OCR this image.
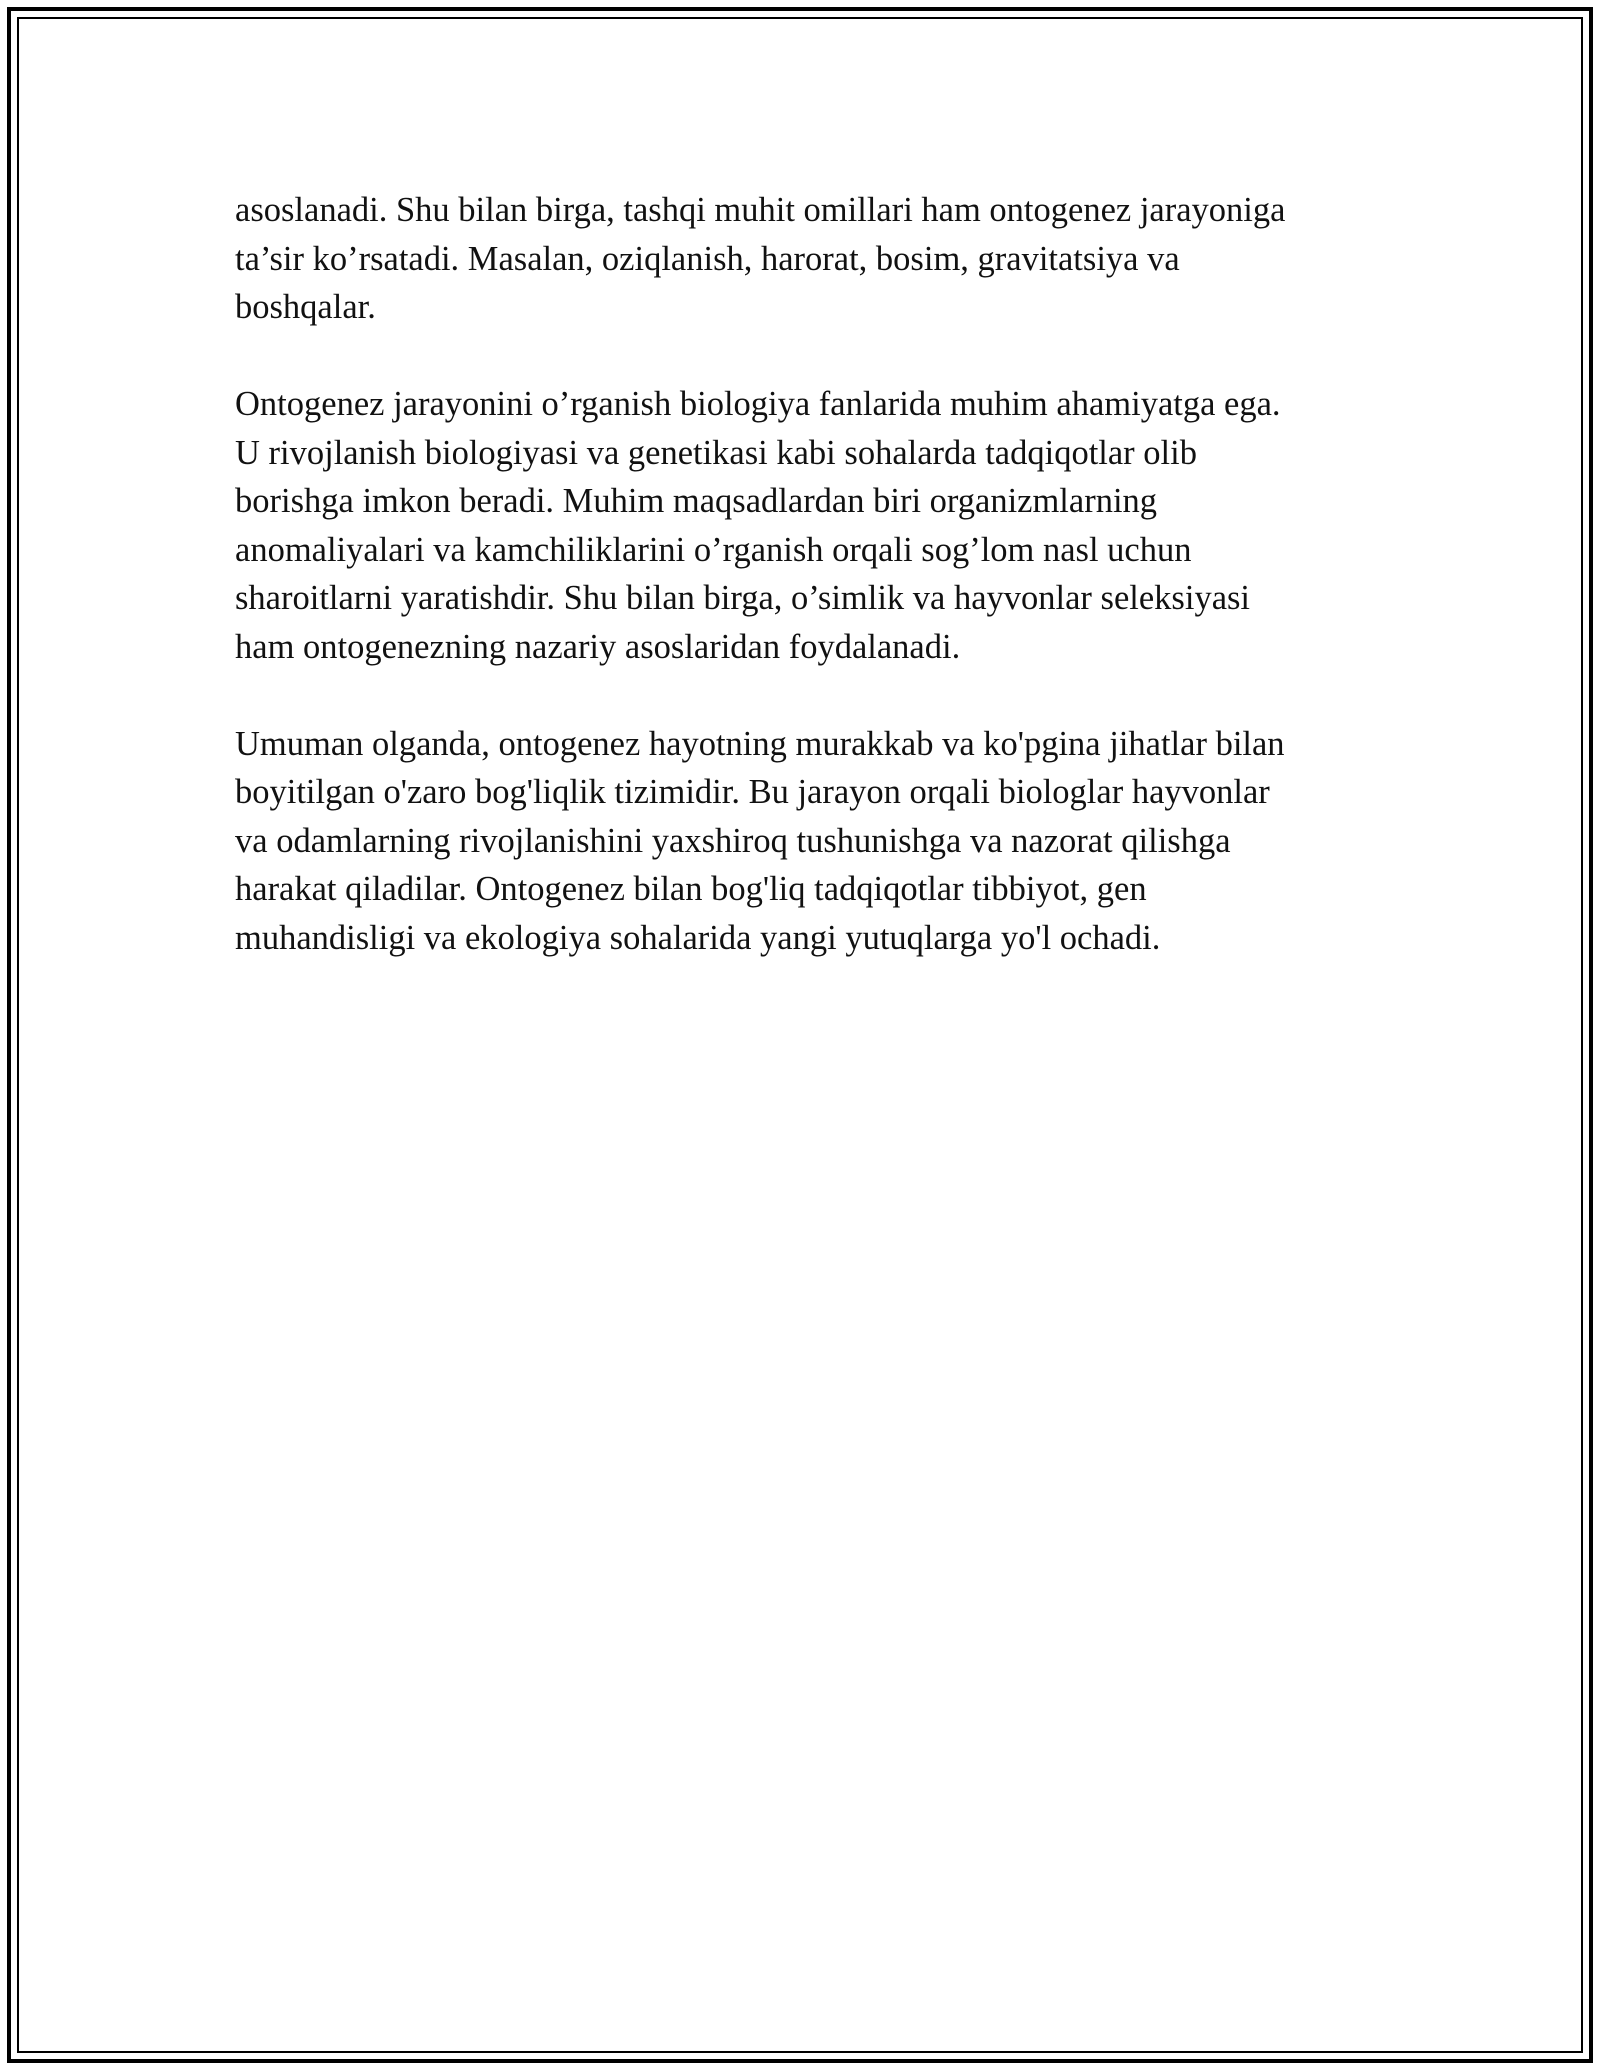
asoslanadi. Shu bilan birga, tashqi muhit omillari ham ontogenez jarayoniga
ta’sir ko’rsatadi. Masalan, oziqlanish, harorat, bosim, gravitatsiya va
boshqalar.

Ontogenez jarayonini o’rganish biologiya fanlarida muhim ahamiyatga ega.
U rivojlanish biologiyasi va genetikasi kabi sohalarda tadqiqotlar olib
borishga imkon beradi. Muhim maqsadlardan biri organizmlarning
anomaliyalari va kamchiliklarini o’rganish orqali sog’lom nasl uchun
sharoitlarni yaratishdir. Shu bilan birga, o’simlik va hayvonlar seleksiyasi
ham ontogenezning nazariy asoslaridan foydalanadi.

Umuman olganda, ontogenez hayotning murakkab va ko'pgina jihatlar bilan
boyitilgan o'zaro bog'liqlik tizimidir. Bu jarayon orqali biologlar hayvonlar
va odamlarning rivojlanishini yaxshiroq tushunishga va nazorat qilishga
harakat qiladilar. Ontogenez bilan bog'liq tadqiqotlar tibbiyot, gen
muhandisligi va ekologiya sohalarida yangi yutuqlarga yo'l ochadi.
